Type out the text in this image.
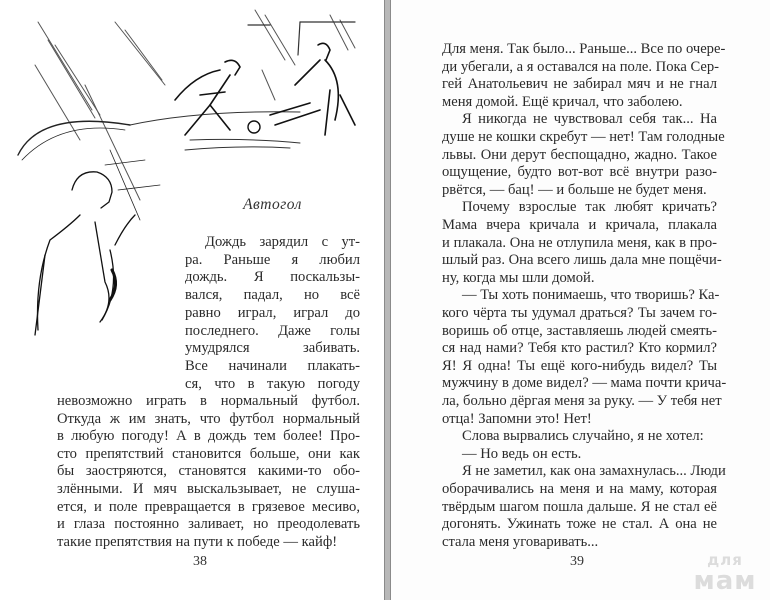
Автогол
Дождь зарядил с ут-
ра. Раньше я любил
дождь. Я поскальзы-
вался, падал, но всё
равно играл, играл до
последнего. Даже голы
умудрялся забивать.
Все начинали плакать-
ся, что в такую погоду
невозможно играть в нормальный футбол.
Откуда ж им знать, что футбол нормальный
в любую погоду! А в дождь тем более! Про-
сто препятствий становится больше, они как
бы заостряются, становятся какими-то обо-
злёнными. И мяч выскальзывает, не слуша-
ется, и поле превращается в грязевое месиво,
и глаза постоянно заливает, но преодолевать
такие препятствия на пути к победе — кайф!
38
Для меня. Так было... Раньше... Все по очере-
ди убегали, а я оставался на поле. Пока Сер-
гей Анатольевич не забирал мяч и не гнал
меня домой. Ещё кричал, что заболею.
Я никогда не чувствовал себя так... На
душе не кошки скребут — нет! Там голодные
львы. Они дерут беспощадно, жадно. Такое
ощущение, будто вот-вот всё внутри разо-
рвётся, — бац! — и больше не будет меня.
Почему взрослые так любят кричать?
Мама вчера кричала и кричала, плакала
и плакала. Она не отлупила меня, как в про-
шлый раз. Она всего лишь дала мне пощёчи-
ну, когда мы шли домой.
— Ты хоть понимаешь, что творишь? Ка-
кого чёрта ты удумал драться? Ты зачем го-
воришь об отце, заставляешь людей смеять-
ся над нами? Тебя кто растил? Кто кормил?
Я! Я одна! Ты ещё кого-нибудь видел? Ты
мужчину в доме видел? — мама почти крича-
ла, больно дёргая меня за руку. — У тебя нет
отца! Запомни это! Нет!
Слова вырвались случайно, я не хотел:
— Но ведь он есть.
Я не заметил, как она замахнулась... Люди
оборачивались на меня и на маму, которая
твёрдым шагом пошла дальше. Я не стал её
догонять. Ужинать тоже не стал. А она не
стала меня уговаривать...
39	для
мам
